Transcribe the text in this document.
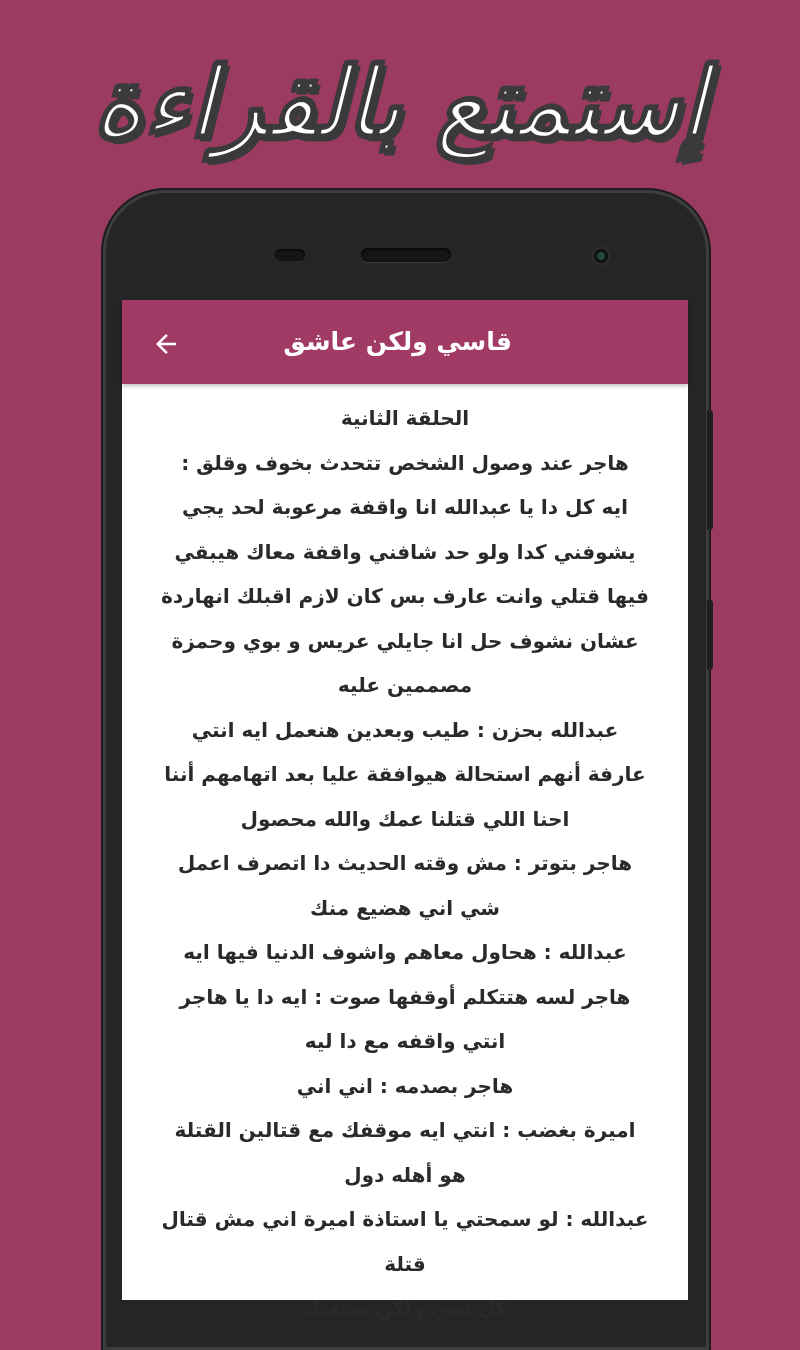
إستمتع بالقراءة
قاسي ولكن عاشق
الحلقة الثانية
هاجر عند وصول الشخص تتحدث بخوف وقلق :
ايه كل دا يا عبدالله انا واقفة مرعوبة لحد يجي
يشوفني كدا ولو حد شافني واقفة معاك هيبقي
فيها قتلي وانت عارف بس كان لازم اقبلك انهاردة
عشان نشوف حل انا جايلي عريس و بوي وحمزة
مصممين عليه
عبدالله بحزن : طيب وبعدين هنعمل ايه انتي
عارفة أنهم استحالة هيوافقة عليا بعد اتهامهم أننا
احنا اللي قتلنا عمك والله محصول
هاجر بتوتر : مش وقته الحديث دا اتصرف اعمل
شي اني هضيع منك
عبدالله : هحاول معاهم واشوف الدنيا فيها ايه
هاجر لسه هتتكلم أوقفها صوت : ايه دا يا هاجر
انتي واقفه مع دا ليه
هاجر بصدمه : اني اني
اميرة بغضب : انتي ايه موقفك مع قتالين القتلة
هو أهله دول
عبدالله : لو سمحتي يا استاذة اميرة اني مش قتال
قتلة
كل شي ولكن ضيعتك
